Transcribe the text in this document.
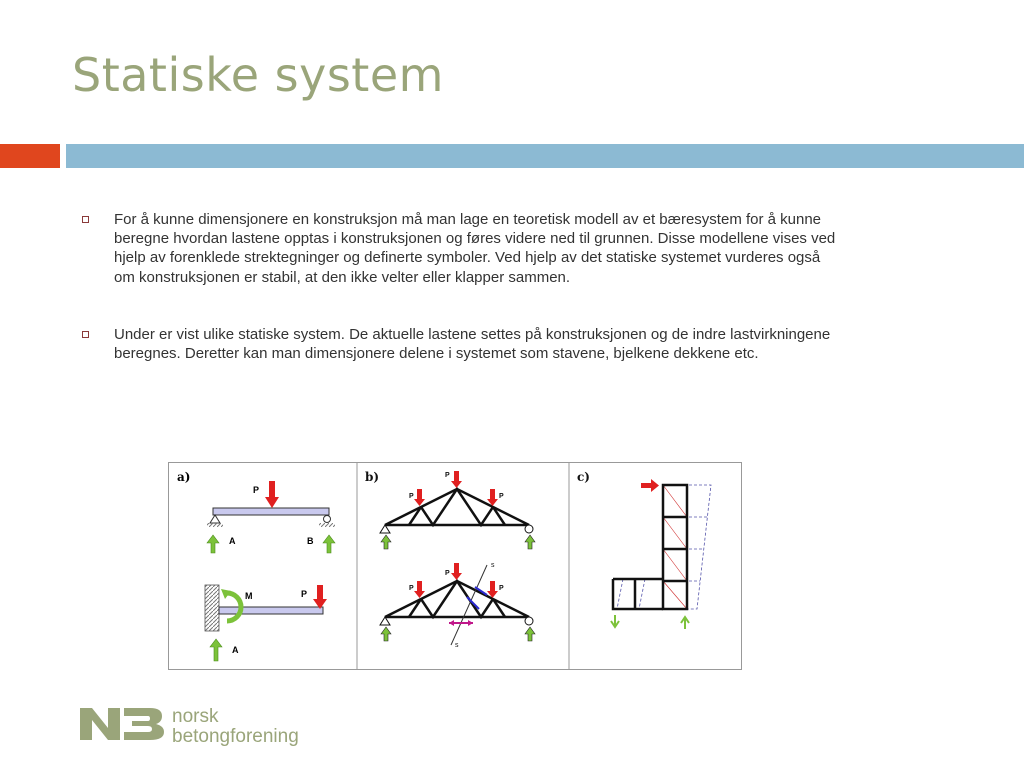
Statiske system
For å kunne dimensjonere en konstruksjon må man lage en teoretisk modell av et bæresystem for å kunne beregne hvordan lastene opptas i konstruksjonen og føres videre ned til grunnen. Disse modellene vises ved hjelp av forenklede strektegninger og definerte symboler. Ved hjelp av det statiske systemet vurderes også om konstruksjonen er stabil, at den ikke velter eller klapper sammen.
Under er vist ulike statiske system. De aktuelle lastene settes på konstruksjonen og de indre lastvirkningene beregnes. Deretter kan man dimensjonere delene i systemet som stavene, bjelkene dekkene etc.
a)
P
A	B
M	P
A
b)
P
P
P
s
s
P
P
P
c)
norsk
betongforening
